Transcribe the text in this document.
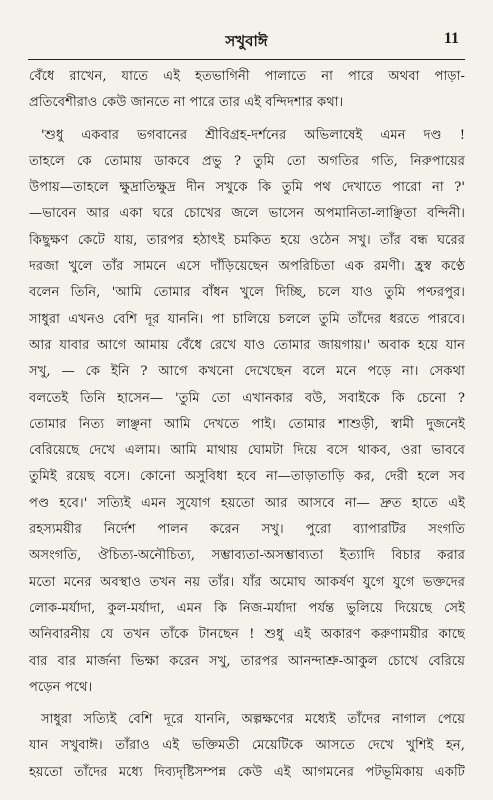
সখুবাঈ	11
বেঁধে রাখেন, যাতে এই হতভাগিনী পালাতে না পারে অথবা পাড়া-
প্রতিবেশীরাও কেউ জানতে না পারে তার এই বন্দিদশার কথা।
'শুধু একবার ভগবানের শ্রীবিগ্রহ-দর্শনের অভিলাষেই এমন দণ্ড !
তাহলে কে তোমায় ডাকবে প্রভু ? তুমি তো অগতির গতি, নিরুপায়ের
উপায়—তাহলে ক্ষুদ্রাতিক্ষুদ্র দীন সখুকে কি তুমি পথ দেখাতে পারো না ?'
—ভাবেন আর একা ঘরে চোখের জলে ভাসেন অপমানিতা-লাঞ্ছিতা বন্দিনী।
কিছুক্ষণ কেটে যায়, তারপর হঠাৎই চমকিত হয়ে ওঠেন সখু। তাঁর বন্ধ ঘরের
দরজা খুলে তাঁর সামনে এসে দাঁড়িয়েছেন অপরিচিতা এক রমণী। হ্রস্ব কণ্ঠে
বলেন তিনি, 'আমি তোমার বাঁধন খুলে দিচ্ছি, চলে যাও তুমি পণ্ঢরপুর।
সাধুরা এখনও বেশি দূর যাননি। পা চালিয়ে চললে তুমি তাঁদের ধরতে পারবে।
আর যাবার আগে আমায় বেঁধে রেখে যাও তোমার জায়গায়।' অবাক হয়ে যান
সখু, — কে ইনি ? আগে কখনো দেখেছেন বলে মনে পড়ে না। সেকথা
বলতেই তিনি হাসেন— 'তুমি তো এখানকার বউ, সবাইকে কি চেনো ?
তোমার নিত্য লাঞ্ছনা আমি দেখতে পাই। তোমার শাশুড়ী, স্বামী দুজনেই
বেরিয়েছে দেখে এলাম। আমি মাথায় ঘোমটা দিয়ে বসে থাকব, ওরা ভাববে
তুমিই রয়েছ বসে। কোনো অসুবিধা হবে না—তাড়াতাড়ি কর, দেরী হলে সব
পণ্ড হবে।' সত্যিই এমন সুযোগ হয়তো আর আসবে না— দ্রুত হাতে এই
রহস্যময়ীর নির্দেশ পালন করেন সখু। পুরো ব্যাপারটির সংগতি
অসংগতি, ঔচিত্য-অনৌচিত্য, সম্ভাব্যতা-অসম্ভাব্যতা ইত্যাদি বিচার করার
মতো মনের অবস্থাও তখন নয় তাঁর। যাঁর অমোঘ আকর্ষণ যুগে যুগে ভক্তদের
লোক-মর্যাদা, কুল-মর্যাদা, এমন কি নিজ-মর্যাদা পর্যন্ত ভুলিয়ে দিয়েছে সেই
অনিবারনীয় যে তখন তাঁকে টানছেন ! শুধু এই অকারণ করুণাময়ীর কাছে
বার বার মার্জনা ভিক্ষা করেন সখু, তারপর আনন্দাশ্রু-আকুল চোখে বেরিয়ে
পড়েন পথে।
সাধুরা সত্যিই বেশি দূরে যাননি, অল্পক্ষণের মধ্যেই তাঁদের নাগাল পেয়ে
যান সখুবাঈ। তাঁরাও এই ভক্তিমতী মেয়েটিকে আসতে দেখে খুশিই হন,
হয়তো তাঁদের মধ্যে দিব্যদৃষ্টিসম্পন্ন কেউ এই আগমনের পটভূমিকায় একটি
